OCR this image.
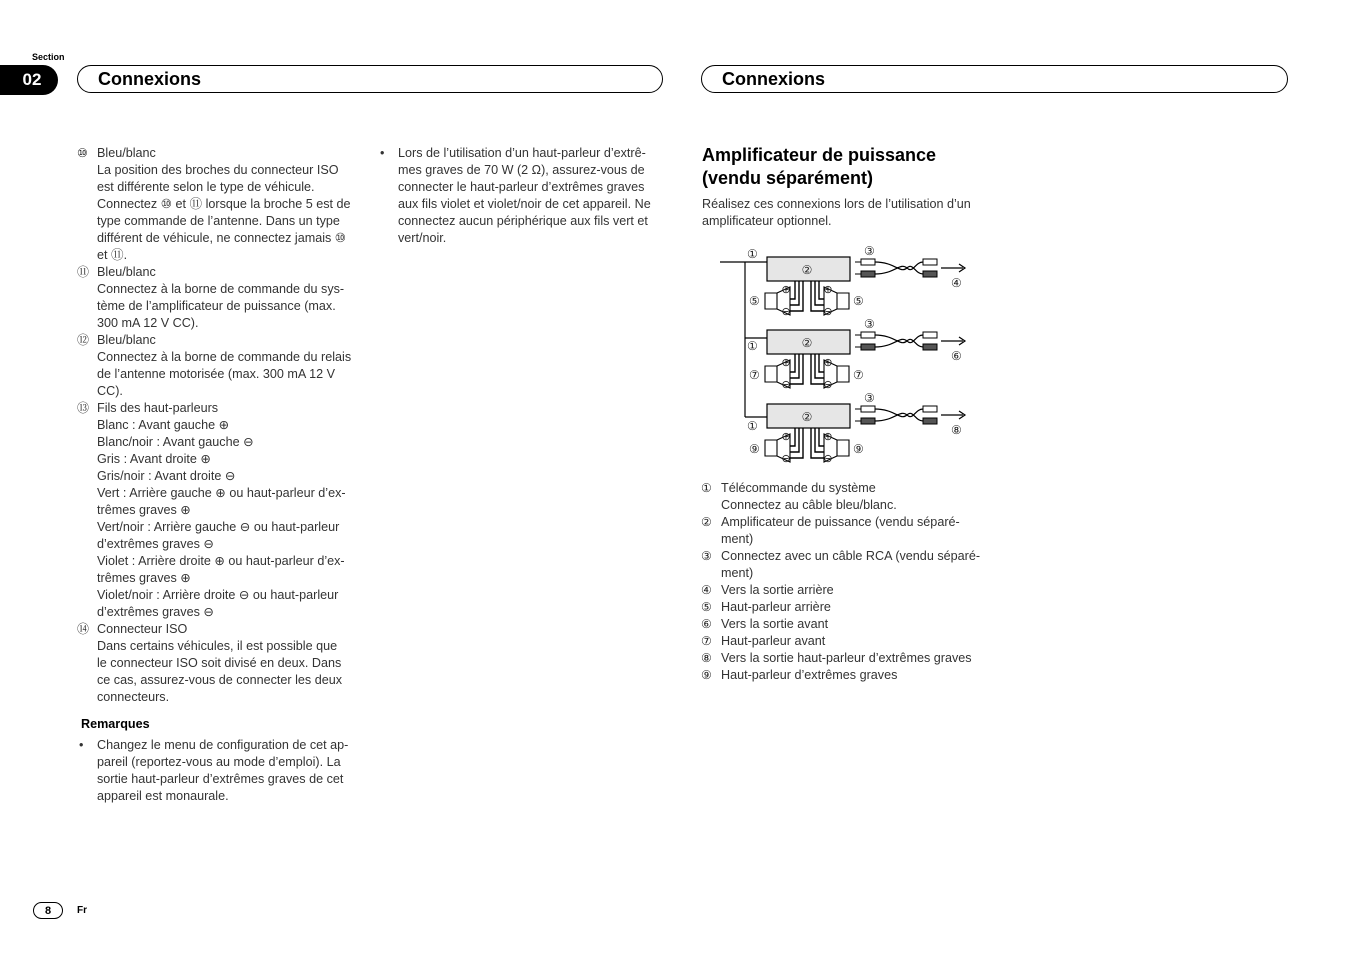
Section
02	Connexions	Connexions
⑩ Bleu/blanc
La position des broches du connecteur ISO
est différente selon le type de véhicule.
Connectez ⑩ et ⑪ lorsque la broche 5 est de
type commande de l’antenne. Dans un type
différent de véhicule, ne connectez jamais ⑩
et ⑪.
⑪ Bleu/blanc
Connectez à la borne de commande du sys-
tème de l’amplificateur de puissance (max.
300 mA 12 V CC).
⑫ Bleu/blanc
Connectez à la borne de commande du relais
de l’antenne motorisée (max. 300 mA 12 V
CC).
⑬ Fils des haut-parleurs
Blanc : Avant gauche ⊕
Blanc/noir : Avant gauche ⊖
Gris : Avant droite ⊕
Gris/noir : Avant droite ⊖
Vert : Arrière gauche ⊕ ou haut-parleur d’ex-
trêmes graves ⊕
Vert/noir : Arrière gauche ⊖ ou haut-parleur
d’extrêmes graves ⊖
Violet : Arrière droite ⊕ ou haut-parleur d’ex-
trêmes graves ⊕
Violet/noir : Arrière droite ⊖ ou haut-parleur
d’extrêmes graves ⊖
⑭ Connecteur ISO
Dans certains véhicules, il est possible que
le connecteur ISO soit divisé en deux. Dans
ce cas, assurez-vous de connecter les deux
connecteurs.
Remarques
•	Changez le menu de configuration de cet ap-
pareil (reportez-vous au mode d’emploi). La
sortie haut-parleur d’extrêmes graves de cet
appareil est monaurale.
•	Lors de l’utilisation d’un haut-parleur d’extrê-
mes graves de 70 W (2 Ω), assurez-vous de
connecter le haut-parleur d’extrêmes graves
aux fils violet et violet/noir de cet appareil. Ne
connectez aucun périphérique aux fils vert et
vert/noir.
Amplificateur de puissance
(vendu séparément)
Réalisez ces connexions lors de l’utilisation d’un
amplificateur optionnel.
②
⊕
⊖
⊕
⊖
②
⊕
⊖
⊕
⊖
②
⊕
⊖
⊕
⊖
①	③
④
⑤	⑤
①
③
⑥
⑦	⑦
①
③
⑧
⑨	⑨
① Télécommande du système
Connectez au câble bleu/blanc.
② Amplificateur de puissance (vendu séparé-
ment)
③ Connectez avec un câble RCA (vendu séparé-
ment)
④ Vers la sortie arrière
⑤ Haut-parleur arrière
⑥ Vers la sortie avant
⑦ Haut-parleur avant
⑧ Vers la sortie haut-parleur d’extrêmes graves
⑨ Haut-parleur d’extrêmes graves
8	Fr
